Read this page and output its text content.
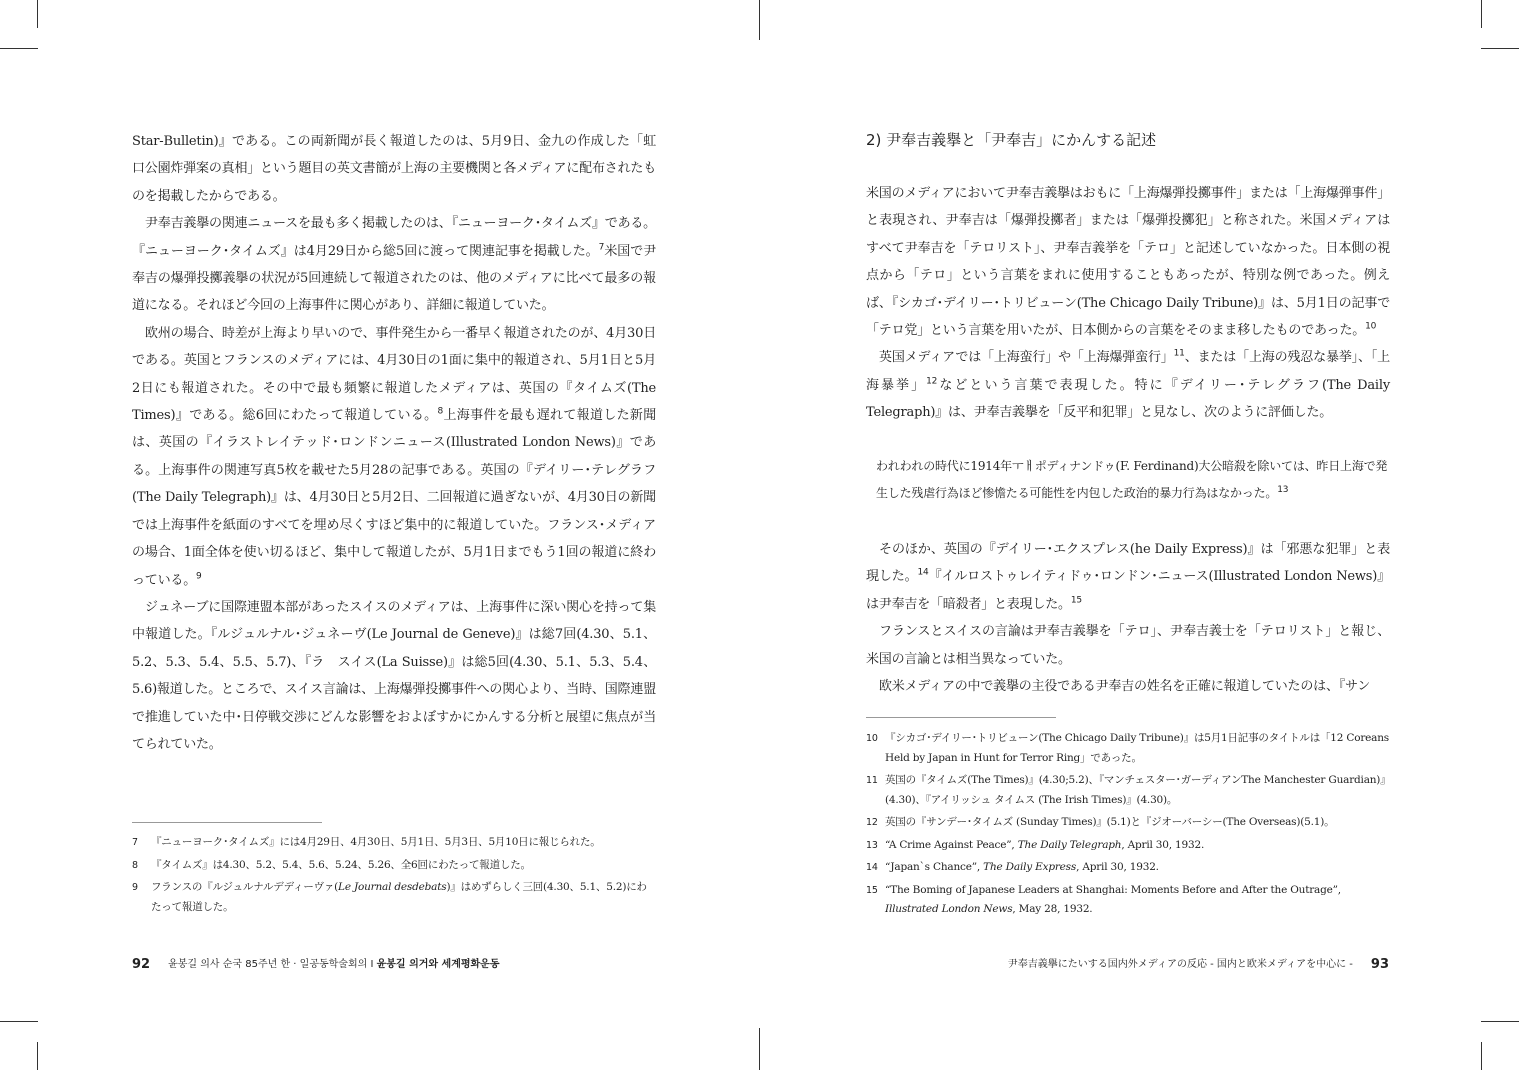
Star-Bulletin)』である。この両新聞が長く報道したのは、5月9日、金九の作成した「虹口公園炸弾案の真相」という題目の英文書簡が上海の主要機関と各メディアに配布されたものを掲載したからである。

尹奉吉義擧の関連ニュースを最も多く掲載したのは、『ニューヨーク･タイムズ』である。『ニューヨーク･タイムズ』は4月29日から総5回に渡って関連記事を掲載した。$^7$米国で尹奉吉の爆弾投擲義擧の状況が5回連続して報道されたのは、他のメディアに比べて最多の報道になる。それほど今回の上海事件に関心があり、詳細に報道していた。

欧州の場合、時差が上海より早いので、事件発生から一番早く報道されたのが、4月30日である。英国とフランスのメディアには、4月30日の1面に集中的報道され、5月1日と5月2日にも報道された。その中で最も頻繁に報道したメディアは、英国の『タイムズ(The Times)』である。総6回にわたって報道している。$^8$上海事件を最も遅れて報道した新聞は、英国の『イラストレイテッド･ロンドンニュース(Illustrated London News)』である。上海事件の関連写真5枚を載せた5月28の記事である。英国の『デイリー･テレグラフ(The Daily Telegraph)』は、4月30日と5月2日、二回報道に過ぎないが、4月30日の新聞では上海事件を紙面のすべてを埋め尽くすほど集中的に報道していた。フランス･メディアの場合、1面全体を使い切るほど、集中して報道したが、5月1日までもう1回の報道に終わっている。$^9$

ジュネーブに国際連盟本部があったスイスのメディアは、上海事件に深い関心を持って集中報道した。『ルジュルナル･ジュネーヴ(Le Journal de Geneve)』は総7回(4.30、5.1、5.2、5.3、5.4、5.5、5.7)、『ラ　スイス(La Suisse)』は総5回(4.30、5.1、5.3、5.4、5.6)報道した。ところで、スイス言論は、上海爆弾投擲事件への関心より、当時、国際連盟で推進していた中･日停戦交渉にどんな影響をおよぼすかにかんする分析と展望に焦点が当てられていた。

7	『ニューヨーク･タイムズ』には4月29日、4月30日、5月1日、5月3日、5月10日に報じられた。
8	『タイムズ』は4.30、5.2、5.4、5.6、5.24、5.26、全6回にわたって報道した。
9	フランスの『ルジュルナルデディーヴァ(Le Journal desdebats)』はめずらしく三回(4.30、5.1、5.2)にわたって報道した。
92 윤봉길 의사 순국 85주년 한 · 일공동학술회의 I 윤봉길 의거와 세계평화운동
2) 尹奉吉義擧と「尹奉吉」にかんする記述

米国のメディアにおいて尹奉吉義擧はおもに「上海爆弾投擲事件」または「上海爆弾事件」と表現され、尹奉吉は「爆弾投擲者」または「爆弾投擲犯」と称された。米国メディアはすべて尹奉吉を「テロリスト」、尹奉吉義挙を「テロ」と記述していなかった。日本側の視点から「テロ」という言葉をまれに使用することもあったが、特別な例であった。例えば、『シカゴ･デイリー･トリビューン(The Chicago Daily Tribune)』は、5月1日の記事で「テロ党」という言葉を用いたが、日本側からの言葉をそのまま移したものであった。$^{10}$

英国メディアでは「上海蛮行」や「上海爆弾蛮行」$^{11}$、または「上海の残忍な暴挙」、「上海暴挙」$^{12}$などという言葉で表現した。特に『デイリー･テレグラフ(The Daily Telegraph)』は、尹奉吉義擧を「反平和犯罪」と見なし、次のように評価した。

われわれの時代に1914年ㅜㅐポディナンドゥ(F. Ferdinand)大公暗殺を除いては、昨日上海で発生した残虐行為ほど惨憺たる可能性を内包した政治的暴力行為はなかった。$^{13}$

そのほか、英国の『デイリー･エクスプレス(he Daily Express)』は「邪悪な犯罪」と表現した。$^{14}$『イルロストゥレイティドゥ･ロンドン･ニュース(Illustrated London News)』は尹奉吉を「暗殺者」と表現した。$^{15}$

フランスとスイスの言論は尹奉吉義擧を「テロ」、尹奉吉義士を「テロリスト」と報じ、米国の言論とは相当異なっていた。

欧米メディアの中で義擧の主役である尹奉吉の姓名を正確に報道していたのは、『サン

10 『シカゴ･デイリー･トリビューン(The Chicago Daily Tribune)』は5月1日記事のタイトルは「12 Coreans Held by Japan in Hunt for Terror Ring」であった。
11 英国の『タイムズ(The Times)』(4.30;5.2)、『マンチェスター･ガーディアンThe Manchester Guardian)』(4.30)、『アイリッシュ タイムス (The Irish Times)』(4.30)。
12 英国の『サンデー･タイムズ (Sunday Times)』(5.1)と『ジオーバーシー(The Overseas)(5.1)。
13 “A Crime Against Peace”, The Daily Telegraph, April 30, 1932.
14 “Japan`s Chance”, The Daily Express, April 30, 1932.
15 “The Boming of Japanese Leaders at Shanghai: Moments Before and After the Outrage”, Illustrated London News, May 28, 1932.
尹奉吉義擧にたいする国内外メディアの反応 - 国内と欧米メディアを中心に - 93
